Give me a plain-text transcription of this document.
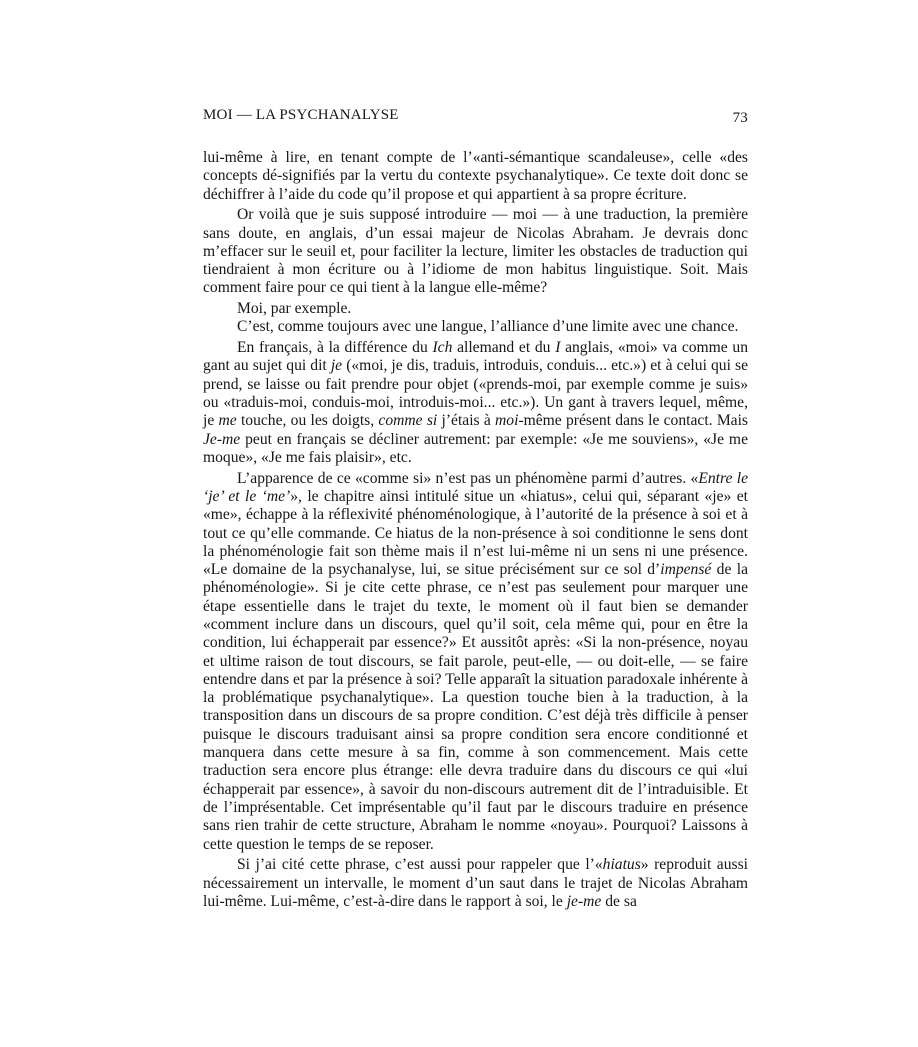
MOI — LA PSYCHANALYSE	73

lui-même à lire, en tenant compte de l’«anti-sémantique scandaleuse», celle «des concepts dé-signifiés par la vertu du contexte psychanalytique». Ce texte doit donc se déchiffrer à l’aide du code qu’il propose et qui appartient à sa propre écriture.

Or voilà que je suis supposé introduire — moi — à une traduction, la première sans doute, en anglais, d’un essai majeur de Nicolas Abraham. Je devrais donc m’effacer sur le seuil et, pour faciliter la lecture, limiter les obstacles de traduction qui tiendraient à mon écriture ou à l’idiome de mon habitus linguistique. Soit. Mais comment faire pour ce qui tient à la langue elle-même?

Moi, par exemple.

C’est, comme toujours avec une langue, l’alliance d’une limite avec une chance.

En français, à la différence du Ich allemand et du I anglais, «moi» va comme un gant au sujet qui dit je («moi, je dis, traduis, introduis, conduis... etc.») et à celui qui se prend, se laisse ou fait prendre pour objet («prends-moi, par exemple comme je suis» ou «traduis-moi, conduis-moi, introduis-moi... etc.»). Un gant à travers lequel, même, je me touche, ou les doigts, comme si j’étais à moi-même présent dans le contact. Mais Je-me peut en français se décliner autrement: par exemple: «Je me souviens», «Je me moque», «Je me fais plaisir», etc.

L’apparence de ce «comme si» n’est pas un phénomène parmi d’autres. «Entre le ‘je’ et le ‘me’», le chapitre ainsi intitulé situe un «hiatus», celui qui, séparant «je» et «me», échappe à la réflexivité phénoménologique, à l’autorité de la présence à soi et à tout ce qu’elle commande. Ce hiatus de la non-présence à soi conditionne le sens dont la phénoménologie fait son thème mais il n’est lui-même ni un sens ni une présence. «Le domaine de la psychanalyse, lui, se situe précisément sur ce sol d’impensé de la phénoménologie». Si je cite cette phrase, ce n’est pas seulement pour marquer une étape essentielle dans le trajet du texte, le moment où il faut bien se demander «comment inclure dans un discours, quel qu’il soit, cela même qui, pour en être la condition, lui échapperait par essence?» Et aussitôt après: «Si la non-présence, noyau et ultime raison de tout discours, se fait parole, peut-elle, — ou doit-elle, — se faire entendre dans et par la présence à soi? Telle apparaît la situation paradoxale inhérente à la problématique psychanalytique». La question touche bien à la traduction, à la transposition dans un discours de sa propre condition. C’est déjà très difficile à penser puisque le discours traduisant ainsi sa propre condition sera encore conditionné et manquera dans cette mesure à sa fin, comme à son commencement. Mais cette traduction sera encore plus étrange: elle devra traduire dans du discours ce qui «lui échapperait par essence», à savoir du non-discours autrement dit de l’intraduisible. Et de l’imprésentable. Cet imprésentable qu’il faut par le discours traduire en présence sans rien trahir de cette structure, Abraham le nomme «noyau». Pourquoi? Laissons à cette question le temps de se reposer.

Si j’ai cité cette phrase, c’est aussi pour rappeler que l’«hiatus» reproduit aussi nécessairement un intervalle, le moment d’un saut dans le trajet de Nicolas Abraham lui-même. Lui-même, c’est-à-dire dans le rapport à soi, le je-me de sa
